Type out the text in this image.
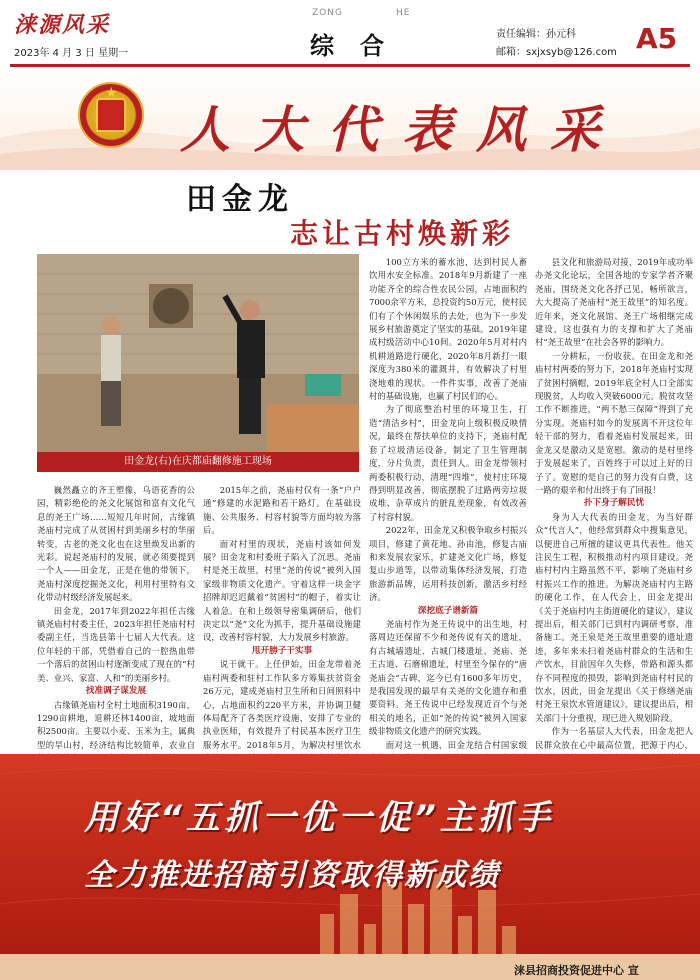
涞源风采
2023年 4 月 3 日 星期一
ZONG	HE
综合	责任编辑：孙元科
邮箱：sxjxsyb@126.com A5
★
人大代表风采
田金龙
志让古村焕新彩
田金龙(右)在庆都庙翻修施工现场

巍然矗立的齐王塑像，乌语花香的公园，精彩绝伦的尧文化展馆和富有文化气息的尧王广场……短短几年时间，古缘镇尧庙村完成了从贫困村到美丽乡村的华丽转变，古老的尧文化也在这里焕发出新的光彩。说起尧庙村的发展，就必须要提到一个人——田金龙，正是在他的带领下，尧庙村深度挖掘尧文化，利用村里特有文化带动村级经济发展起来。

田金龙，2017年到2022年担任古缘镇尧庙村村委主任，2023年担任尧庙村村委副主任，当选县第十七届人大代表。这位年轻的干部，凭借着自己的一腔热血带一个落后的贫困山村逐渐变成了现在的“村美、业兴、家富、人和”的美丽乡村。

找准调子谋发展

古缘镇尧庙村全村土地面积3190亩，1290亩耕地，退耕还林1400亩，坡地面积2500亩。主要以小麦、玉米为主，属典型的旱山村，经济结构比较简单，农业自

2015年之前，尧庙村仅有一条“户户通”修建的水泥路和若干路灯。在基础设施、公共服务、村容村貌等方面均较为落后。

面对村里的现状，尧庙村该如何发展？田金龙和村委班子陷入了沉思。尧庙村是尧王故里，村里“尧的传说”被列入国家级非物质文化遗产。守着这样一块金字招牌却迟迟戴着“贫困村”的帽子，着实让人着急。在和上级领导密集调研后，他们决定以“尧”文化为抓手，提升基础设施建设，改善村容村貌，大力发展乡村旅游。

甩开膀子干实事

说干就干。上任伊始，田金龙带着尧庙村两委和驻村工作队多方筹集扶贫资金26万元，建成尧庙村卫生所和日间照料中心，占地面积约220平方米，并协调卫健体局配齐了各类医疗设施，安排了专业的执业医师，有效提升了村民基本医疗卫生服务水平。2018年5月，为解决村里饮水

100立方米的蓄水池，达到村民人畜饮用水安全标准。2018年9月新建了一座功能齐全的综合性农民公园，占地面积约7000余平方米，总投资约50万元，使村民们有了个休闲娱乐的去处，也为下一步发展乡村旅游奠定了坚实的基础。2019年建成村级活动中心10间。2020年5月对村内机耕道路进行硬化，2020年8月新打一眼深度为380米的灌溉井，有效解决了村里浇地难的现状。一件件实事，改善了尧庙村的基础设施，也赢了村民们的心。

为了彻底整治村里的环境卫生，打造“清洁乡村”，田金龙向上级积极反映情况，最终在帮扶单位的支持下，尧庙村配套了垃圾清运设备，制定了卫生管理制度，分片负责，责任到人。田金龙带领村两委积极行动，清理“四堆”，使村庄环境得到明显改善，彻底摆脱了过路两旁垃圾成堆、杂草成片的脏乱差现象，有效改善了村容村貌。

2022年，田金龙又积极争取乡村振兴项目，修建了黄花地、孙由池，修复古庙和来发展农家乐，扩建尧文化广场，修复复山步道等，以带动集体经济发展，打造旅游新品牌，运用科技创新，激活乡村经济。

深挖底子谱新篇

尧庙村作为尧王传说中的出生地，村落周边还保留不少和尧传说有关的遗址，有古城墙遗址、古城门楼遗址、尧庙、尧王古道、石磨棉遗址，村里至今保存的“唐尧庙会”古碑，迄今已有1600多年历史，是我国发现的最早有关尧的文化遗存和重要资料。尧王传说中已经发现近百个与尧相关的地名，正如“尧的传说”被列入国家级非物质文化遗产的研究实践。

面对这一机遇，田金龙结合村国家级

县文化和旅游局对接，2019年成功举办尧文化论坛，全国各地的专家学者齐聚尧庙，围绕尧文化各抒己见，畅所欲言，大大提高了尧庙村“尧王故里”的知名度。近年来，尧文化展馆、尧王广场相继完成建设，这也强有力的支撑和扩大了尧庙村“尧王故里”在社会各界的影响力。

一分耕耘，一份收获。在田金龙和尧庙村村两委的努力下，2018年尧庙村实现了贫困村摘帽，2019年底全村人口全部实现脱贫，人均收入突破6000元。脱贫攻坚工作不断推进，“两不愁三保障”得到了充分实现。尧庙村如今的发展离不开这位年轻干部的努力，看着尧庙村发展起来，田金龙又是激动又是宽慰。激动的是村里终于发展起来了，百姓终于可以过上好的日子了。宽慰的是自己的努力没有白费，这一路的艰辛和付出终于有了回报！

扑下身子解民忧

身为人大代表的田金龙，为当好群众“代言人”，他经常到群众中搜集意见，以便进自己所擅的建议更具代表性。他关注民生工程，积极推动村内项目建设。尧庙村村内主路虽然不平，影响了尧庙村乡村振兴工作的推进。为解决尧庙村内主路的硬化工作，在人代会上，田金龙提出《关于尧庙村内主街道硬化的建议》，建议提出后，相关部门已到村内调研考察，准备施工。尧王泉是尧王故里重要的遗址遗迹，多年来未扫着尧庙村群众的生活和生产饮水，目前因年久失修，带路和源头都存不同程度的损毁，影响到尧庙村村民的饮水，因此，田金龙提出《关于修缮尧庙村尧王泉饮水管道建议》，建议提出后，相关部门十分重视，现已进入规划阶段。

作为一名基层人大代表，田金龙把人民群众放在心中最高位置，把源于内心，

用好“五抓一优一促”主抓手
全力推进招商引资取得新成绩
涞县招商投资促进中心 宣
